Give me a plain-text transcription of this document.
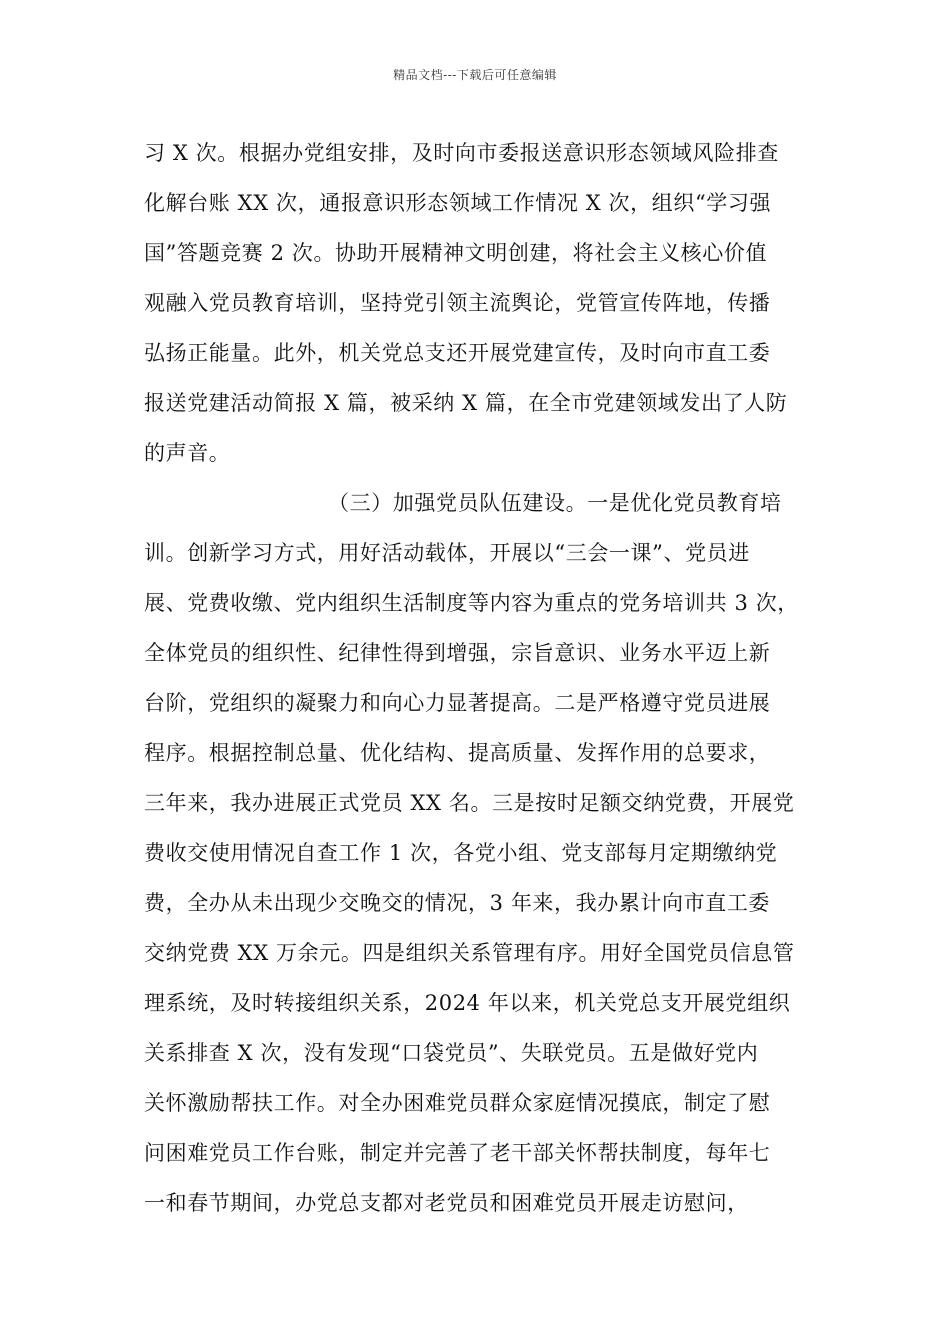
精品文档---下载后可任意编辑
习 X 次。根据办党组安排，及时向市委报送意识形态领域风险排查
化解台账 XX 次，通报意识形态领域工作情况 X 次，组织“学习强
国”答题竞赛 2 次。协助开展精神文明创建，将社会主义核心价值
观融入党员教育培训，坚持党引领主流舆论，党管宣传阵地，传播
弘扬正能量。此外，机关党总支还开展党建宣传，及时向市直工委
报送党建活动简报 X 篇，被采纳 X 篇，在全市党建领域发出了人防
的声音。
（三）加强党员队伍建设。一是优化党员教育培
训。创新学习方式，用好活动载体，开展以“三会一课”、党员进
展、党费收缴、党内组织生活制度等内容为重点的党务培训共 3 次，
全体党员的组织性、纪律性得到增强，宗旨意识、业务水平迈上新
台阶，党组织的凝聚力和向心力显著提高。二是严格遵守党员进展
程序。根据控制总量、优化结构、提高质量、发挥作用的总要求，
三年来，我办进展正式党员 XX 名。三是按时足额交纳党费，开展党
费收交使用情况自查工作 1 次，各党小组、党支部每月定期缴纳党
费，全办从未出现少交晚交的情况，3 年来，我办累计向市直工委
交纳党费 XX 万余元。四是组织关系管理有序。用好全国党员信息管
理系统，及时转接组织关系，2024 年以来，机关党总支开展党组织
关系排查 X 次，没有发现“口袋党员”、失联党员。五是做好党内
关怀激励帮扶工作。对全办困难党员群众家庭情况摸底，制定了慰
问困难党员工作台账，制定并完善了老干部关怀帮扶制度，每年七
一和春节期间，办党总支都对老党员和困难党员开展走访慰问，
